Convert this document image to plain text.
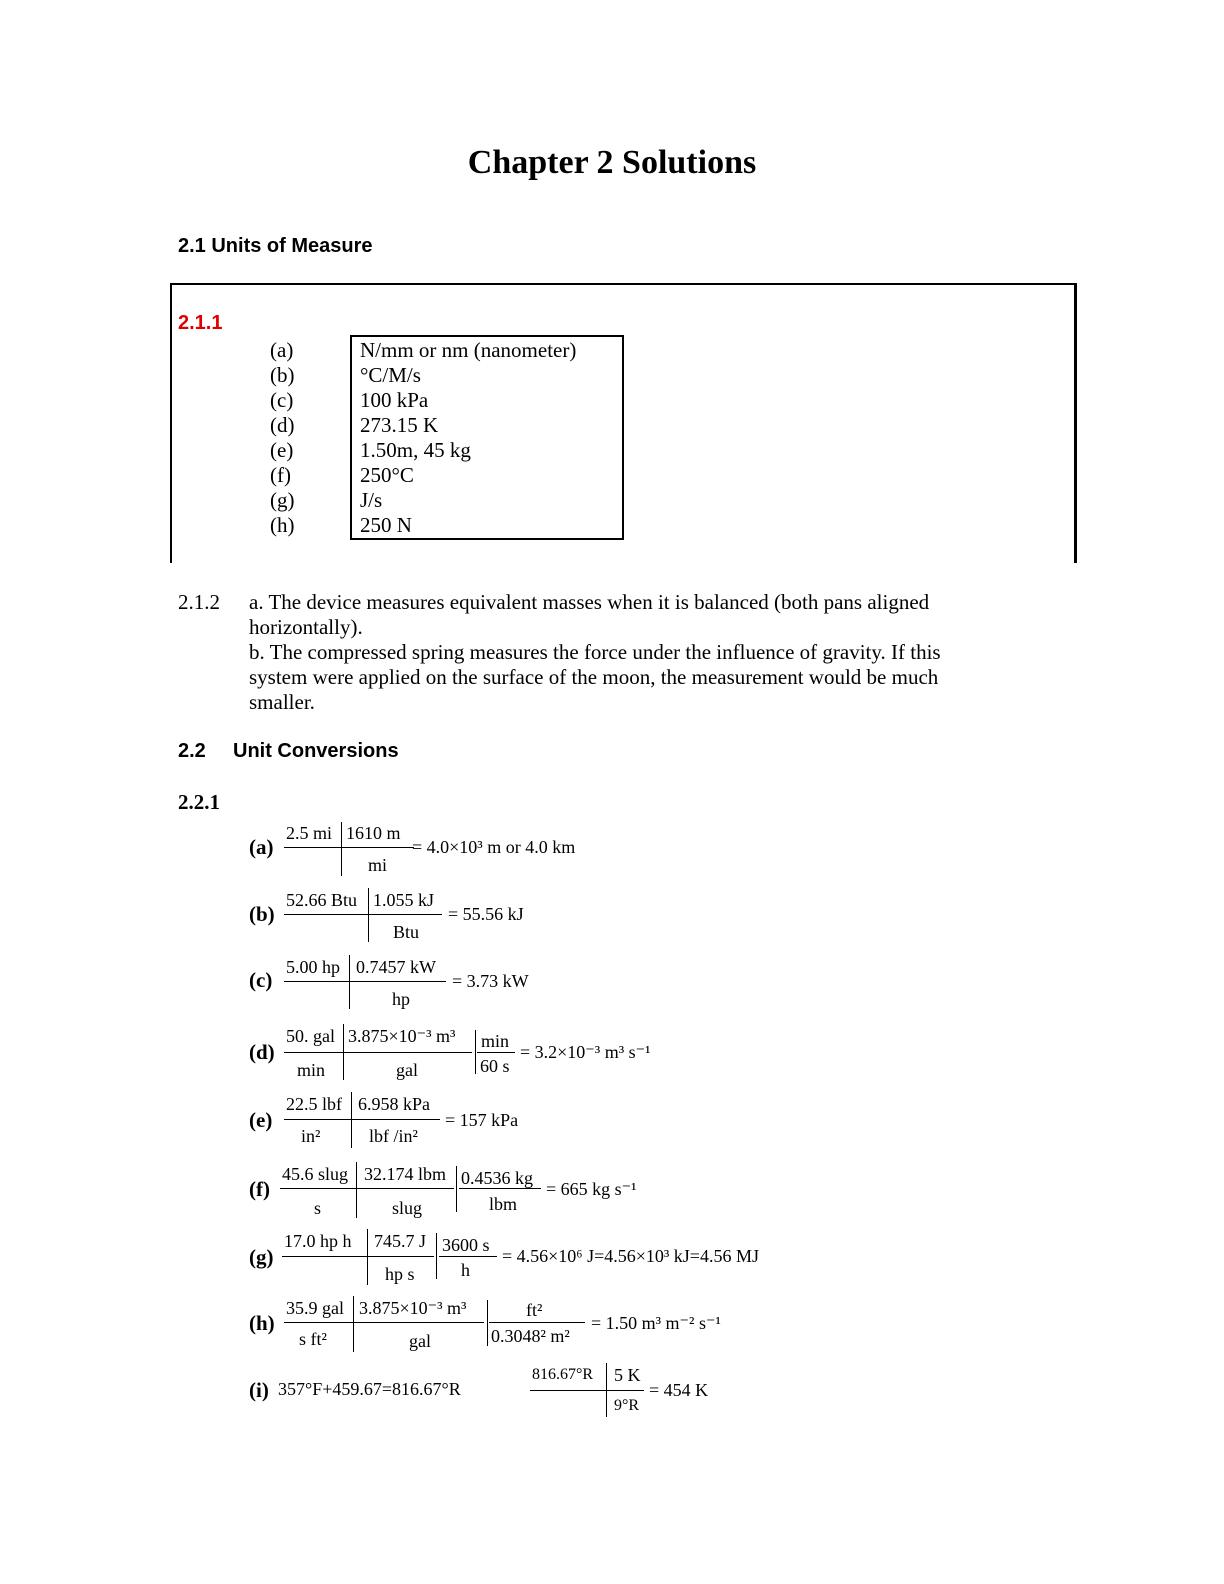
Chapter 2 Solutions
2.1 Units of Measure
2.1.1
(a)
(b)
(c)
(d)
(e)
(f)
(g)
(h)
N/mm or nm (nanometer)
°C/M/s
100 kPa
273.15 K
1.50m, 45 kg
250°C
J/s
250 N
2.1.2 a. The device measures equivalent masses when it is balanced (both pans aligned
horizontally).
b. The compressed spring measures the force under the influence of gravity. If this
system were applied on the surface of the moon, the measurement would be much
smaller.
2.2 Unit Conversions
2.2.1
(a)
2.5 mi 1610 m
mi
= 4.0×10³ m or 4.0 km
(b)
52.66 Btu 1.055 kJ
Btu
= 55.56 kJ
(c)
5.00 hp 0.7457 kW
hp
= 3.73 kW
(d)
50. gal
min
3.875×10⁻³ m³
gal
min
60 s
= 3.2×10⁻³ m³ s⁻¹
(e)
22.5 lbf
in²
6.958 kPa
lbf /in²
= 157 kPa
(f)
45.6 slug
s
32.174 lbm
slug
0.4536 kg
lbm
= 665 kg s⁻¹
(g)
17.0 hp h 745.7 J
hp s
3600 s
h
= 4.56×10⁶ J=4.56×10³ kJ=4.56 MJ
(h)
35.9 gal
s ft²
3.875×10⁻³ m³
gal
ft²
0.3048² m²
= 1.50 m³ m⁻² s⁻¹
(i) 357°F+459.67=816.67°R
816.67°R 5 K
9°R
= 454 K
